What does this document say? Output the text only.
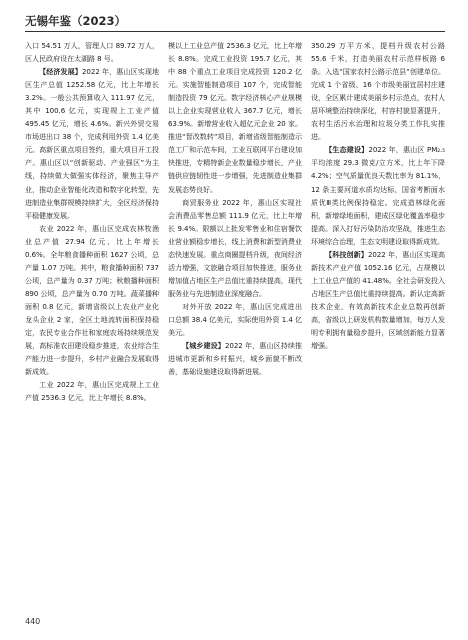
无锡年鉴（2023）

入口 54.51 万人，管理人口 89.72 万人，区人民政府设在太湖路 8 号。

【经济发展】2022 年，惠山区实现地区生产总值 1252.58 亿元，比上年增长 3.2%。一般公共预算收入 111.97 亿元，其中 100.6 亿元，实现规上工业产值 495.45 亿元，增长 4.6%。新兴外贸交易市场进出口 38 个，完成利用外资 1.4 亿美元。高新区重点项目签约，重大项目开工投产。惠山区以“创新驱动、产业强区”为主线，持续做大做强实体经济，聚焦主导产业，推动企业智能化改造和数字化转型，先进制造业集群规模持续扩大，全区经济保持平稳健康发展。

农业 2022 年，惠山区完成农林牧渔业总产值 27.94 亿元，比上年增长 0.6%。全年粮食播种面积 1627 公顷，总产量 1.07 万吨。其中，粮食播种面积 737 公顷，总产量为 0.37 万吨；秋粮播种面积 890 公顷，总产量为 0.70 万吨。蔬菜播种面积 0.8 亿元，新增省级以上农业产业化龙头企业 2 家，全区土地流转面积保持稳定，农民专业合作社和家庭农场持续规范发展，高标准农田建设稳步推进，农业综合生产能力进一步提升，乡村产业融合发展取得新成效。

工业 2022 年，惠山区完成规上工业产值 2536.3 亿元，比上年增长 8.8%。

模以上工业总产值 2536.3 亿元，比上年增长 8.8%。完成工业投资 195.7 亿元，其中 88 个重点工业项目完成投资 120.2 亿元。实施智能制造项目 107 个，完成智能制造投资 79 亿元。数字经济核心产业规模以上企业实现营业收入 367.7 亿元，增长 63.9%。新增营业收入超亿元企业 20 家。推进“智改数转”项目，新增省级智能制造示范工厂和示范车间，工业互联网平台建设加快推进，专精特新企业数量稳步增长，产业链供应链韧性进一步增强，先进制造业集群发展态势良好。

商贸服务业 2022 年，惠山区实现社会消费品零售总额 111.9 亿元，比上年增长 9.4%。限额以上批发零售业和住宿餐饮业营业额稳步增长，线上消费和新型消费业态快速发展。重点商圈提档升级，夜间经济活力增强，文旅融合项目加快推进，服务业增加值占地区生产总值比重持续提高，现代服务业与先进制造业深度融合。

对外开放 2022 年，惠山区完成进出口总额 38.4 亿美元，实际使用外资 1.4 亿美元。

【城乡建设】2022 年，惠山区持续推进城市更新和乡村振兴，城乡面貌不断改善，基础设施建设取得新进展。

350.29 万平方米，提档升级农村公路 55.6 千米，打造美丽农村示范样板路 6 条。入选“国家农村公路示范县”创建单位。完成 1 个省级、16 个市级美丽宜居村庄建设，全区累计建成美丽乡村示范点，农村人居环境整治持续深化，村容村貌显著提升，农村生活污水治理和垃圾分类工作扎实推进。

【生态建设】2022 年，惠山区 PM₂.₅ 平均浓度 29.3 微克/立方米，比上年下降 4.2%；空气质量优良天数比率为 81.1%，12 条主要河道水质均达标，国省考断面水质优Ⅲ类比例保持稳定。完成造林绿化面积，新增绿地面积，建成区绿化覆盖率稳步提高。深入打好污染防治攻坚战，推进生态环境综合治理，生态文明建设取得新成效。

【科技创新】2022 年，惠山区实现高新技术产业产值 1052.16 亿元，占规模以上工业总产值的 41.48%。全社会研发投入占地区生产总值比重持续提高。新认定高新技术企业，有效高新技术企业总数再创新高，省级以上研发机构数量增加，每万人发明专利拥有量稳步提升，区域创新能力显著增强。

440
